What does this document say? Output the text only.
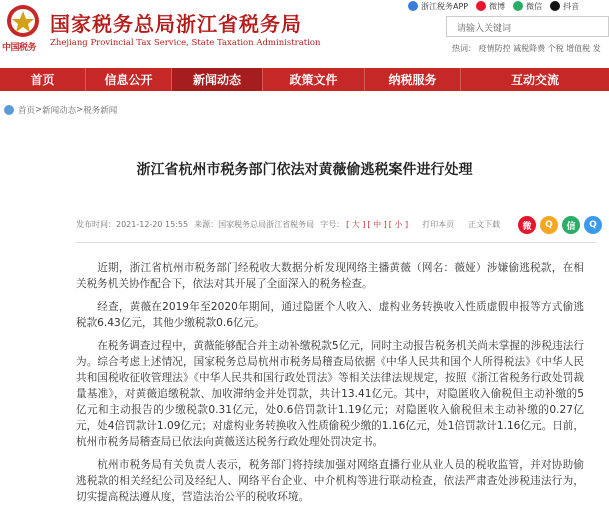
中国税务
国家税务总局浙江省税务局
Zhejiang Provincial Tax Service, State Taxation Administration
浙江税务APP	微博	微信	抖音
请输入关键词
热词： 疫情防控 减税降费 个税 增值税 发
首页	信息公开	新闻动态	政策文件	纳税服务	互动交流
首页 > 新闻动态 > 税务新闻
浙江省杭州市税务部门依法对黄薇偷逃税案件进行处理
发布时间：2021-12-20 15:55 来源：国家税务总局浙江省税务局 字号： [ 大 ] [ 中 ] [ 小 ] 打印本页 正文下载	微	Q	信	Q

近期，浙江省杭州市税务部门经税收大数据分析发现网络主播黄薇（网名：薇娅）涉嫌偷逃税款，在相关税务机关协作配合下，依法对其开展了全面深入的税务检查。

经查，黄薇在2019年至2020年期间，通过隐匿个人收入、虚构业务转换收入性质虚假申报等方式偷逃税款6.43亿元，其他少缴税款0.6亿元。

在税务调查过程中，黄薇能够配合并主动补缴税款5亿元，同时主动报告税务机关尚未掌握的涉税违法行为。综合考虑上述情况，国家税务总局杭州市税务局稽查局依据《中华人民共和国个人所得税法》《中华人民共和国税收征收管理法》《中华人民共和国行政处罚法》等相关法律法规规定，按照《浙江省税务行政处罚裁量基准》，对黄薇追缴税款、加收滞纳金并处罚款，共计13.41亿元。其中，对隐匿收入偷税但主动补缴的5亿元和主动报告的少缴税款0.31亿元，处0.6倍罚款计1.19亿元；对隐匿收入偷税但未主动补缴的0.27亿元，处4倍罚款计1.09亿元；对虚构业务转换收入性质偷税少缴的1.16亿元，处1倍罚款计1.16亿元。日前，杭州市税务局稽查局已依法向黄薇送达税务行政处理处罚决定书。

杭州市税务局有关负责人表示，税务部门将持续加强对网络直播行业从业人员的税收监管，并对协助偷逃税款的相关经纪公司及经纪人、网络平台企业、中介机构等进行联动检查，依法严肃查处涉税违法行为，切实提高税法遵从度，营造法治公平的税收环境。
